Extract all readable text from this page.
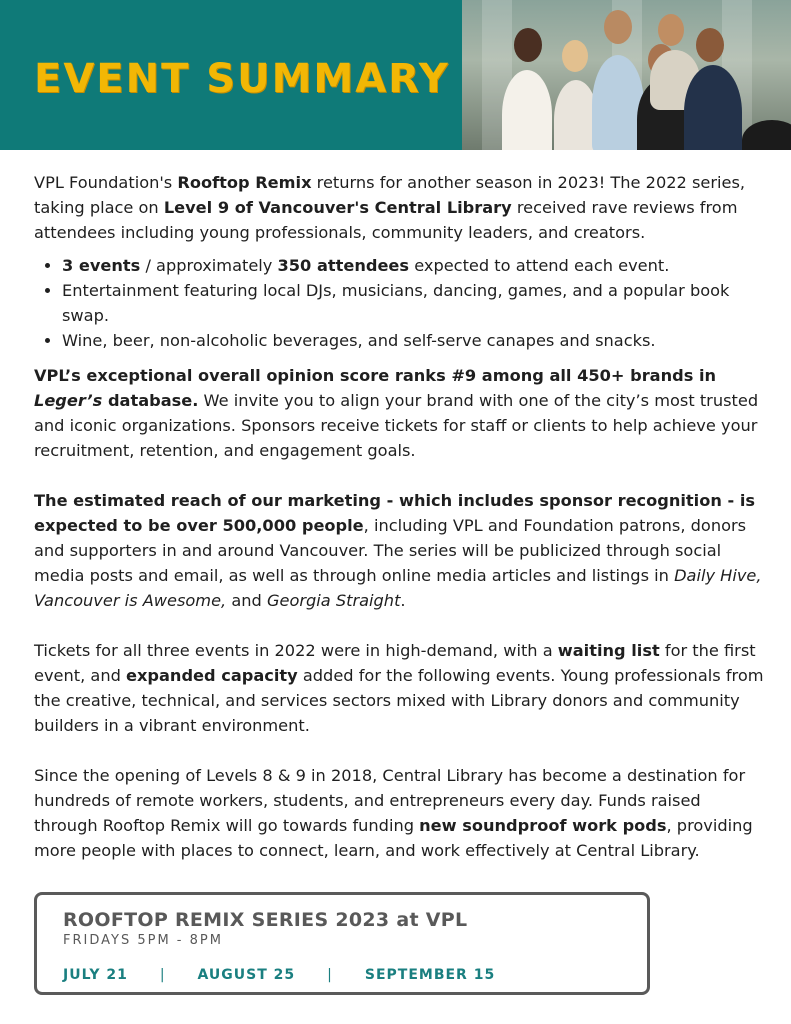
EVENT SUMMARY

VPL Foundation's Rooftop Remix returns for another season in 2023! The 2022 series, taking place on Level 9 of Vancouver's Central Library received rave reviews from attendees including young professionals, community leaders, and creators.

• 3 events / approximately 350 attendees expected to attend each event.
• Entertainment featuring local DJs, musicians, dancing, games, and a popular book swap.
• Wine, beer, non-alcoholic beverages, and self-serve canapes and snacks.

VPL’s exceptional overall opinion score ranks #9 among all 450+ brands in Leger’s database. We invite you to align your brand with one of the city’s most trusted and iconic organizations. Sponsors receive tickets for staff or clients to help achieve your recruitment, retention, and engagement goals.

The estimated reach of our marketing - which includes sponsor recognition - is expected to be over 500,000 people, including VPL and Foundation patrons, donors and supporters in and around Vancouver. The series will be publicized through social media posts and email, as well as through online media articles and listings in Daily Hive, Vancouver is Awesome, and Georgia Straight.

Tickets for all three events in 2022 were in high-demand, with a waiting list for the first event, and expanded capacity added for the following events. Young professionals from the creative, technical, and services sectors mixed with Library donors and community builders in a vibrant environment.

Since the opening of Levels 8 & 9 in 2018, Central Library has become a destination for hundreds of remote workers, students, and entrepreneurs every day. Funds raised through Rooftop Remix will go towards funding new soundproof work pods, providing more people with places to connect, learn, and work effectively at Central Library.

ROOFTOP REMIX SERIES 2023 at VPL
FRIDAYS 5PM - 8PM
JULY 21 | AUGUST 25 | SEPTEMBER 15
